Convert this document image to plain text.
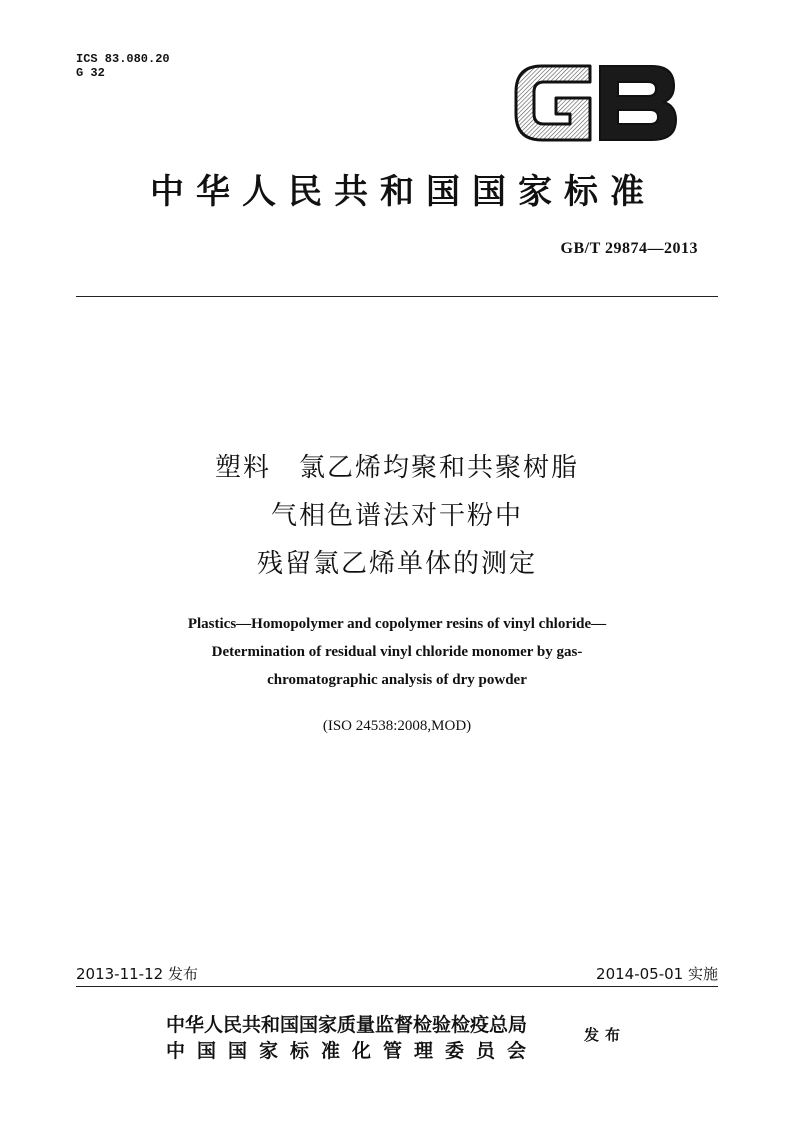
ICS 83.080.20
G 32
中华人民共和国国家标准
GB/T 29874—2013
塑料　氯乙烯均聚和共聚树脂
气相色谱法对干粉中
残留氯乙烯单体的测定
Plastics—Homopolymer and copolymer resins of vinyl chloride—
Determination of residual vinyl chloride monomer by gas-
chromatographic analysis of dry powder
(ISO 24538:2008,MOD)
2013-11-12 发布	2014-05-01 实施
中华人民共和国国家质量监督检验检疫总局
中国国家标准化管理委员会
发布
